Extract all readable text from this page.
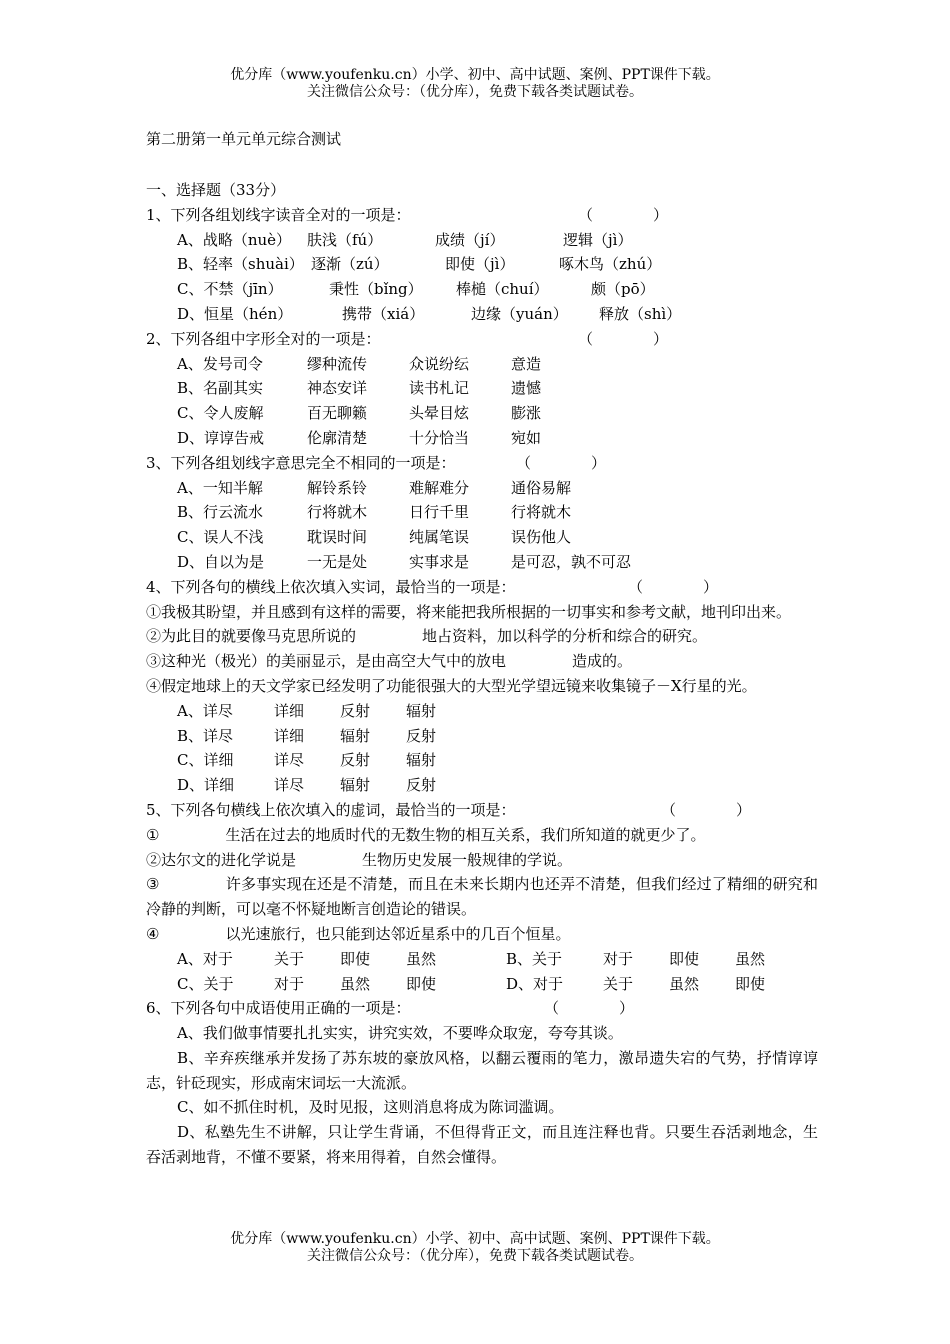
优分库（www.youfenku.cn）小学、初中、高中试题、案例、PPT课件下载。
关注微信公众号：（优分库），免费下载各类试题试卷。
第二册第一单元单元综合测试
一、选择题（33分）
1、下列各组划线字读音全对的一项是：	（　　　　）
A、战略（nuè） 肤浅（fú）	成绩（jí）	逻辑（jì）
B、轻率（shuài） 逐渐（zú）	即使（jì）	啄木鸟（zhú）
C、不禁（jīn）	秉性（bǐng） 棒槌（chuí）	颇（pō）
D、恒星（hén）	携带（xiá）	边缘（yuán） 释放（shì）
2、下列各组中字形全对的一项是：	（　　　　）
A、发号司令	缪种流传	众说纷纭	意造
B、名副其实	神态安详	读书札记	遗憾
C、令人废解	百无聊籁	头晕目炫	膨涨
D、谆谆告戒	伦廓清楚	十分恰当	宛如
3、下列各组划线字意思完全不相同的一项是：	（　　　　）
A、一知半解	解铃系铃	难解难分	通俗易解
B、行云流水	行将就木	日行千里	行将就木
C、误人不浅	耽误时间	纯属笔误	误伤他人
D、自以为是	一无是处	实事求是	是可忍，孰不可忍
4、下列各句的横线上依次填入实词，最恰当的一项是：	（　　　　）
①我极其盼望，并且感到有这样的需要，将来能把我所根据的一切事实和参考文献，地刊印出来。
②为此目的就要像马克思所说的	地占资料，加以科学的分析和综合的研究。
③这种光（极光）的美丽显示，是由高空大气中的放电	造成的。
④假定地球上的天文学家已经发明了功能很强大的大型光学望远镜来收集镜子－X行星的光。
A、详尽	详细 反射 辐射
B、详尽	详细 辐射 反射
C、详细	详尽 反射 辐射
D、详细	详尽 辐射 反射
5、下列各句横线上依次填入的虚词，最恰当的一项是：	（　　　　）
①	生活在过去的地质时代的无数生物的相互关系，我们所知道的就更少了。
②达尔文的进化学说是	生物历史发展一般规律的学说。
③	许多事实现在还是不清楚，而且在未来长期内也还弄不清楚，但我们经过了精细的研究和冷静的判断，可以毫不怀疑地断言创造论的错误。
④	以光速旅行，也只能到达邻近星系中的几百个恒星。
A、对于	关于 即使 虽然	B、关于	对于 即使 虽然
C、关于	对于 虽然 即使	D、对于	关于 虽然 即使
6、下列各句中成语使用正确的一项是：	（　　　　）
A、我们做事情要扎扎实实，讲究实效，不要哗众取宠，夸夸其谈。
B、辛弃疾继承并发扬了苏东坡的豪放风格，以翻云覆雨的笔力，激昂遗失宕的气势，抒情谆谆志，针砭现实，形成南宋词坛一大流派。
C、如不抓住时机，及时见报，这则消息将成为陈词滥调。
D、私塾先生不讲解，只让学生背诵，不但得背正文，而且连注释也背。只要生吞活剥地念，生吞活剥地背，不懂不要紧，将来用得着，自然会懂得。
优分库（www.youfenku.cn）小学、初中、高中试题、案例、PPT课件下载。
关注微信公众号：（优分库），免费下载各类试题试卷。
